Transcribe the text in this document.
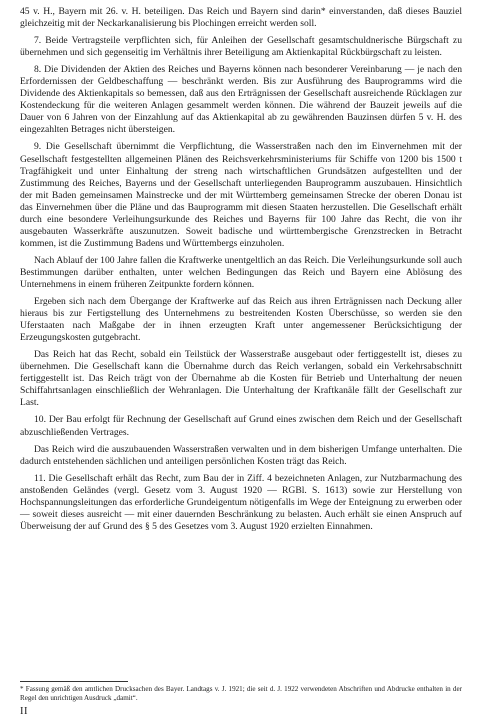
45 v. H., Bayern mit 26. v. H. beteiligen. Das Reich und Bayern sind darin* einverstanden, daß dieses Bauziel gleichzeitig mit der Neckarkanalisierung bis Plochingen erreicht werden soll.

7. Beide Vertragsteile verpflichten sich, für Anleihen der Gesellschaft gesamtschuldnerische Bürgschaft zu übernehmen und sich gegenseitig im Verhältnis ihrer Beteiligung am Aktienkapital Rückbürgschaft zu leisten.

8. Die Dividenden der Aktien des Reiches und Bayerns können nach besonderer Vereinbarung — je nach den Erfordernissen der Geldbeschaffung — beschränkt werden. Bis zur Ausführung des Bauprogramms wird die Dividende des Aktienkapitals so bemessen, daß aus den Erträgnissen der Gesellschaft ausreichende Rücklagen zur Kostendeckung für die weiteren Anlagen gesammelt werden können. Die während der Bauzeit jeweils auf die Dauer von 6 Jahren von der Einzahlung auf das Aktienkapital ab zu gewährenden Bauzinsen dürfen 5 v. H. des eingezahlten Betrages nicht übersteigen.

9. Die Gesellschaft übernimmt die Verpflichtung, die Wasserstraßen nach den im Einvernehmen mit der Gesellschaft festgestellten allgemeinen Plänen des Reichsverkehrsministeriums für Schiffe von 1200 bis 1500 t Tragfähigkeit und unter Einhaltung der streng nach wirtschaftlichen Grundsätzen aufgestellten und der Zustimmung des Reiches, Bayerns und der Gesellschaft unterliegenden Bauprogramm auszubauen. Hinsichtlich der mit Baden gemeinsamen Mainstrecke und der mit Württemberg gemeinsamen Strecke der oberen Donau ist das Einvernehmen über die Pläne und das Bauprogramm mit diesen Staaten herzustellen. Die Gesellschaft erhält durch eine besondere Verleihungsurkunde des Reiches und Bayerns für 100 Jahre das Recht, die von ihr ausgebauten Wasserkräfte auszunutzen. Soweit badische und württembergische Grenzstrecken in Betracht kommen, ist die Zustimmung Badens und Württembergs einzuholen.

Nach Ablauf der 100 Jahre fallen die Kraftwerke unentgeltlich an das Reich. Die Verleihungsurkunde soll auch Bestimmungen darüber enthalten, unter welchen Bedingungen das Reich und Bayern eine Ablösung des Unternehmens in einem früheren Zeitpunkte fordern können.

Ergeben sich nach dem Übergange der Kraftwerke auf das Reich aus ihren Erträgnissen nach Deckung aller hieraus bis zur Fertigstellung des Unternehmens zu bestreitenden Kosten Überschüsse, so werden sie den Uferstaaten nach Maßgabe der in ihnen erzeugten Kraft unter angemessener Berücksichtigung der Erzeugungskosten gutgebracht.

Das Reich hat das Recht, sobald ein Teilstück der Wasserstraße ausgebaut oder fertiggestellt ist, dieses zu übernehmen. Die Gesellschaft kann die Übernahme durch das Reich verlangen, sobald ein Verkehrsabschnitt fertiggestellt ist. Das Reich trägt von der Übernahme ab die Kosten für Betrieb und Unterhaltung der neuen Schiffahrtsanlagen einschließlich der Wehranlagen. Die Unterhaltung der Kraftkanäle fällt der Gesellschaft zur Last.

10. Der Bau erfolgt für Rechnung der Gesellschaft auf Grund eines zwischen dem Reich und der Gesellschaft abzuschließenden Vertrages.

Das Reich wird die auszubauenden Wasserstraßen verwalten und in dem bisherigen Umfange unterhalten. Die dadurch entstehenden sächlichen und anteiligen persönlichen Kosten trägt das Reich.

11. Die Gesellschaft erhält das Recht, zum Bau der in Ziff. 4 bezeichneten Anlagen, zur Nutzbarmachung des anstoßenden Geländes (vergl. Gesetz vom 3. August 1920 — RGBl. S. 1613) sowie zur Herstellung von Hochspannungsleitungen das erforderliche Grundeigentum nötigenfalls im Wege der Enteignung zu erwerben oder — soweit dieses ausreicht — mit einer dauernden Beschränkung zu belasten. Auch erhält sie einen Anspruch auf Überweisung der auf Grund des § 5 des Gesetzes vom 3. August 1920 erzielten Einnahmen.

* Fassung gemäß den amtlichen Drucksachen des Bayer. Landtags v. J. 1921; die seit d. J. 1922 verwendeten Abschriften und Abdrucke enthalten in der Regel den unrichtigen Ausdruck „damit“.

II
